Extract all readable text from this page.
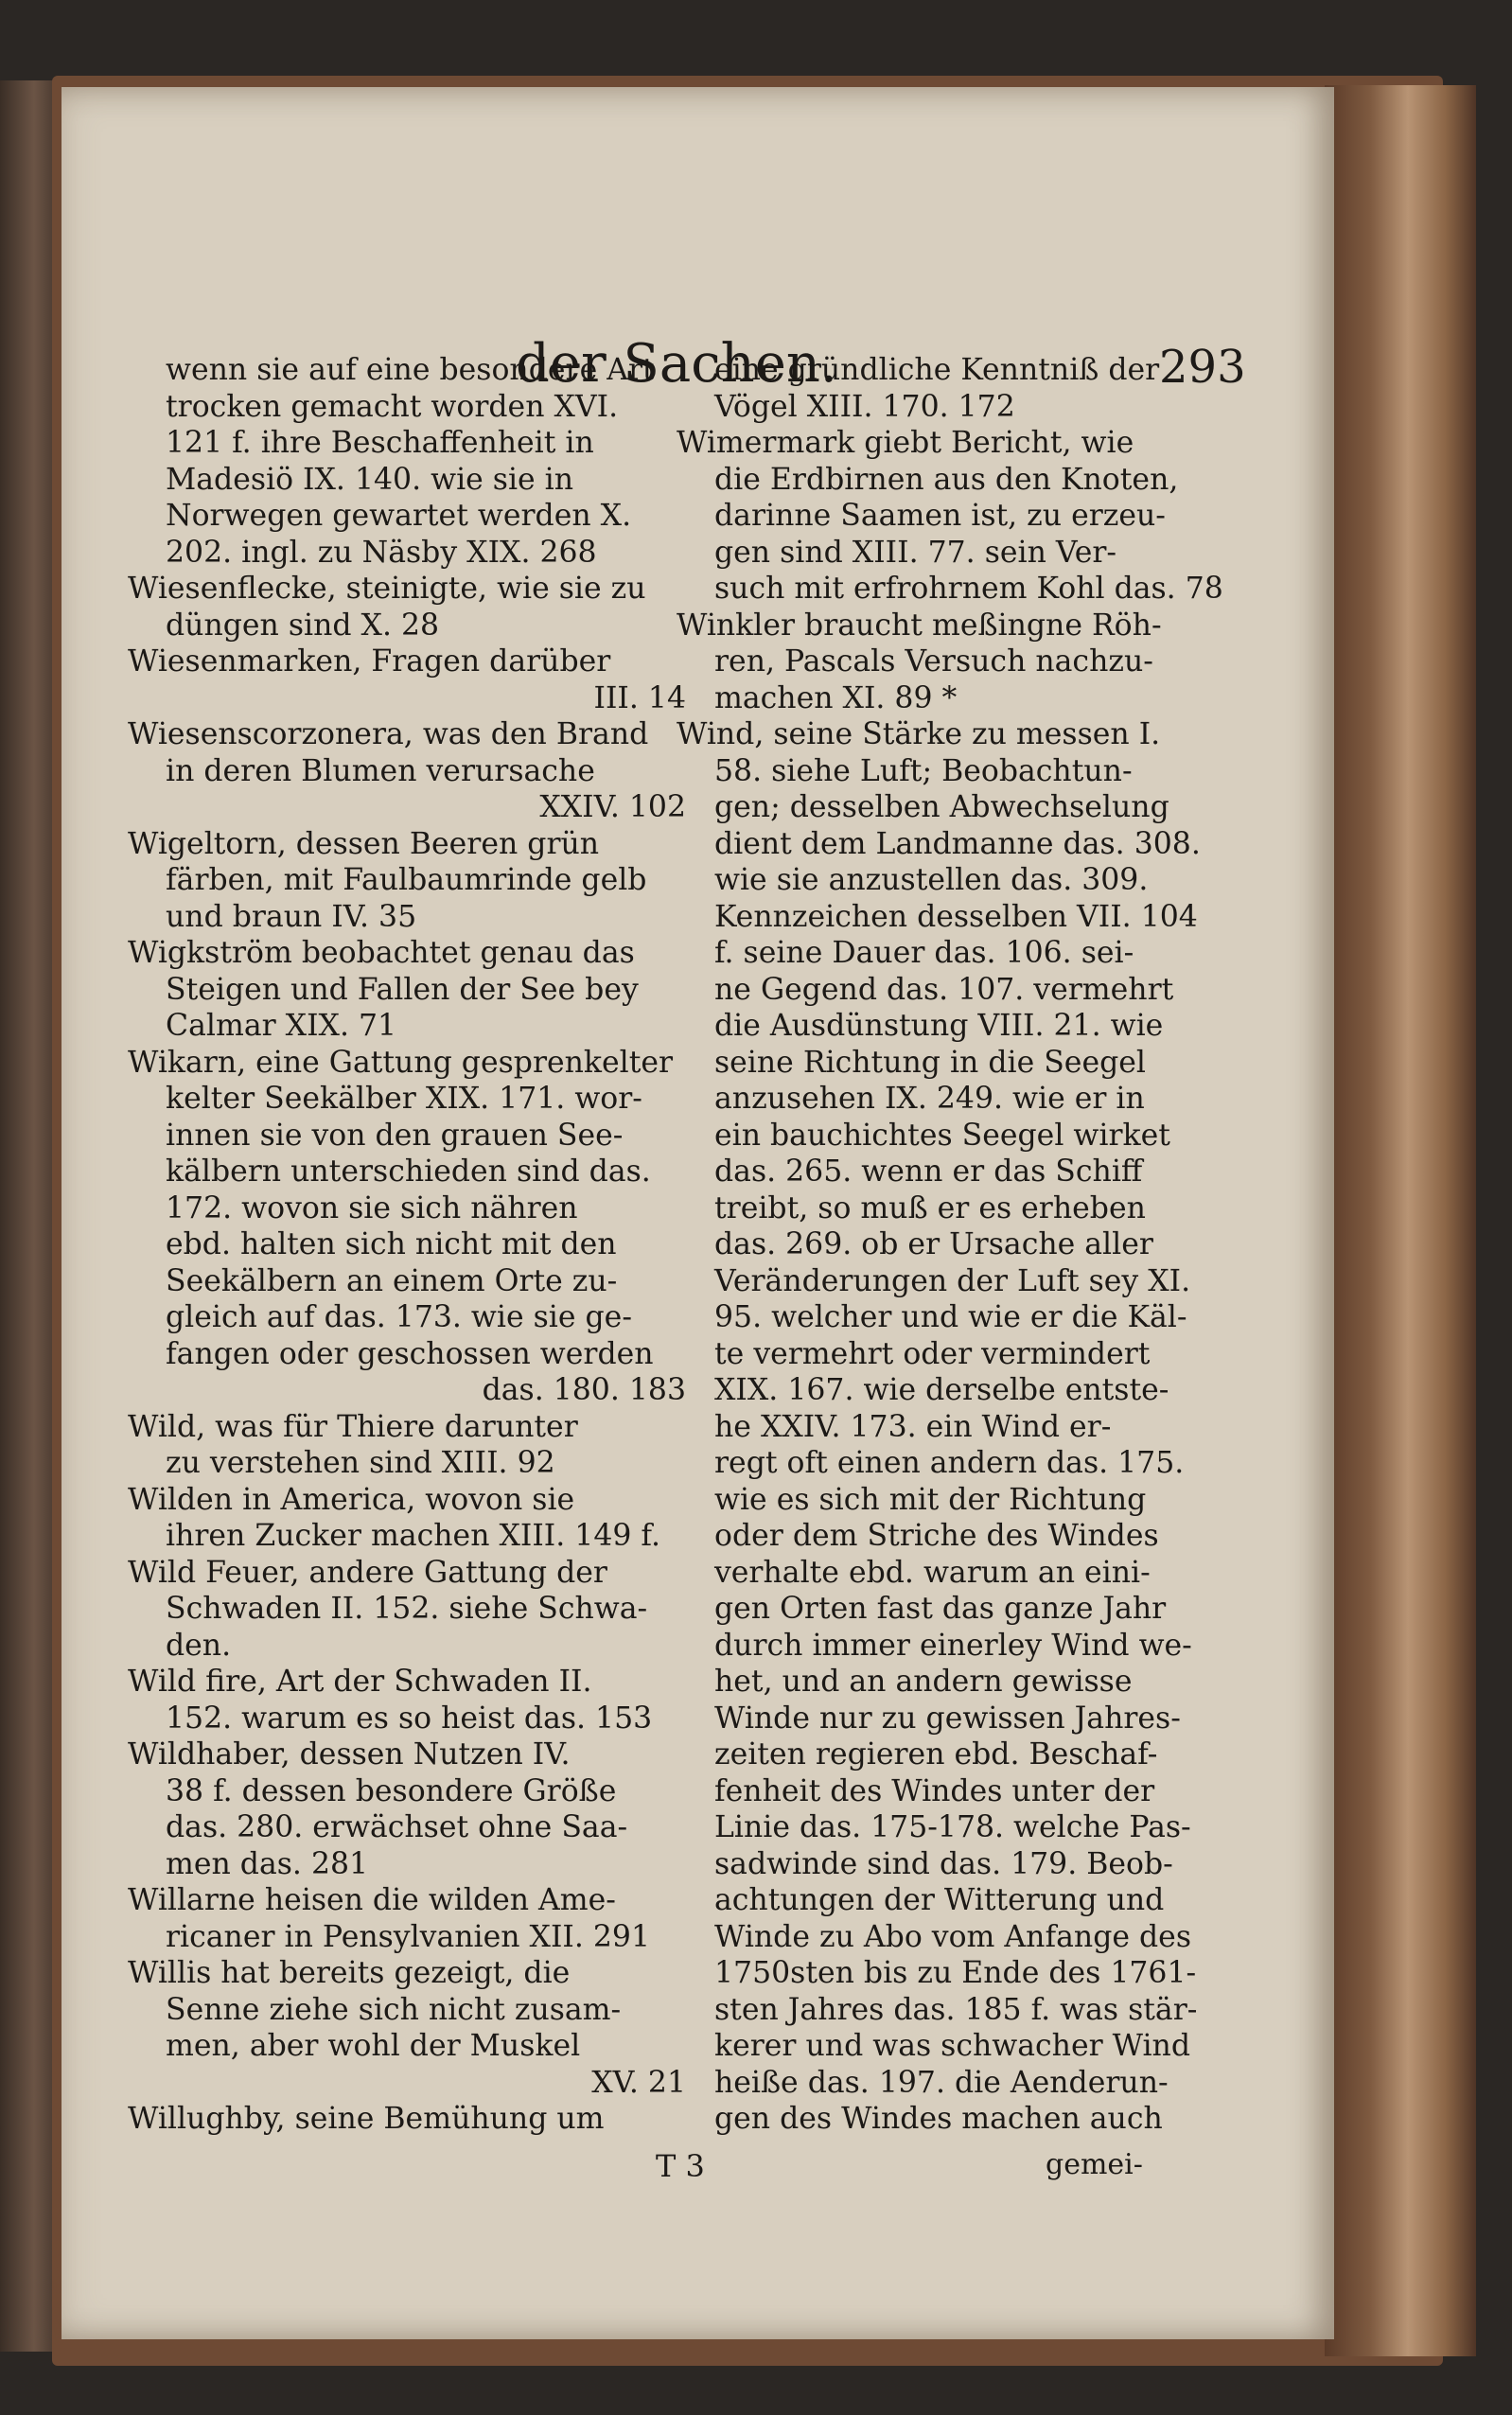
der Sachen.	293
wenn sie auf eine besondere Art
trocken gemacht worden XVI.
121 f. ihre Beschaffenheit in
Madesiö IX. 140. wie sie in
Norwegen gewartet werden X.
202. ingl. zu Näsby XIX. 268
Wiesenflecke, steinigte, wie sie zu
düngen sind X. 28
Wiesenmarken, Fragen darüber
III. 14
Wiesenscorzonera, was den Brand
in deren Blumen verursache
XXIV. 102
Wigeltorn, dessen Beeren grün
färben, mit Faulbaumrinde gelb
und braun IV. 35
Wigkström beobachtet genau das
Steigen und Fallen der See bey
Calmar XIX. 71
Wikarn, eine Gattung gesprenkelter
kelter Seekälber XIX. 171. wor-
innen sie von den grauen See-
kälbern unterschieden sind das.
172. wovon sie sich nähren
ebd. halten sich nicht mit den
Seekälbern an einem Orte zu-
gleich auf das. 173. wie sie ge-
fangen oder geschossen werden
das. 180. 183
Wild, was für Thiere darunter
zu verstehen sind XIII. 92
Wilden in America, wovon sie
ihren Zucker machen XIII. 149 f.
Wild Feuer, andere Gattung der
Schwaden II. 152. siehe Schwa-
den.
Wild fire, Art der Schwaden II.
152. warum es so heist das. 153
Wildhaber, dessen Nutzen IV.
38 f. dessen besondere Größe
das. 280. erwächset ohne Saa-
men das. 281
Willarne heisen die wilden Ame-
ricaner in Pensylvanien XII. 291
Willis hat bereits gezeigt, die
Senne ziehe sich nicht zusam-
men, aber wohl der Muskel
XV. 21
Willughby, seine Bemühung um
eine gründliche Kenntniß der
Vögel XIII. 170. 172
Wimermark giebt Bericht, wie
die Erdbirnen aus den Knoten,
darinne Saamen ist, zu erzeu-
gen sind XIII. 77. sein Ver-
such mit erfrohrnem Kohl das. 78
Winkler braucht meßingne Röh-
ren, Pascals Versuch nachzu-
machen XI. 89 *
Wind, seine Stärke zu messen I.
58. siehe Luft; Beobachtun-
gen; desselben Abwechselung
dient dem Landmanne das. 308.
wie sie anzustellen das. 309.
Kennzeichen desselben VII. 104
f. seine Dauer das. 106. sei-
ne Gegend das. 107. vermehrt
die Ausdünstung VIII. 21. wie
seine Richtung in die Seegel
anzusehen IX. 249. wie er in
ein bauchichtes Seegel wirket
das. 265. wenn er das Schiff
treibt, so muß er es erheben
das. 269. ob er Ursache aller
Veränderungen der Luft sey XI.
95. welcher und wie er die Käl-
te vermehrt oder vermindert
XIX. 167. wie derselbe entste-
he XXIV. 173. ein Wind er-
regt oft einen andern das. 175.
wie es sich mit der Richtung
oder dem Striche des Windes
verhalte ebd. warum an eini-
gen Orten fast das ganze Jahr
durch immer einerley Wind we-
het, und an andern gewisse
Winde nur zu gewissen Jahres-
zeiten regieren ebd. Beschaf-
fenheit des Windes unter der
Linie das. 175-178. welche Pas-
sadwinde sind das. 179. Beob-
achtungen der Witterung und
Winde zu Abo vom Anfange des
1750sten bis zu Ende des 1761-
sten Jahres das. 185 f. was stär-
kerer und was schwacher Wind
heiße das. 197. die Aenderun-
gen des Windes machen auch
T 3	gemei-
